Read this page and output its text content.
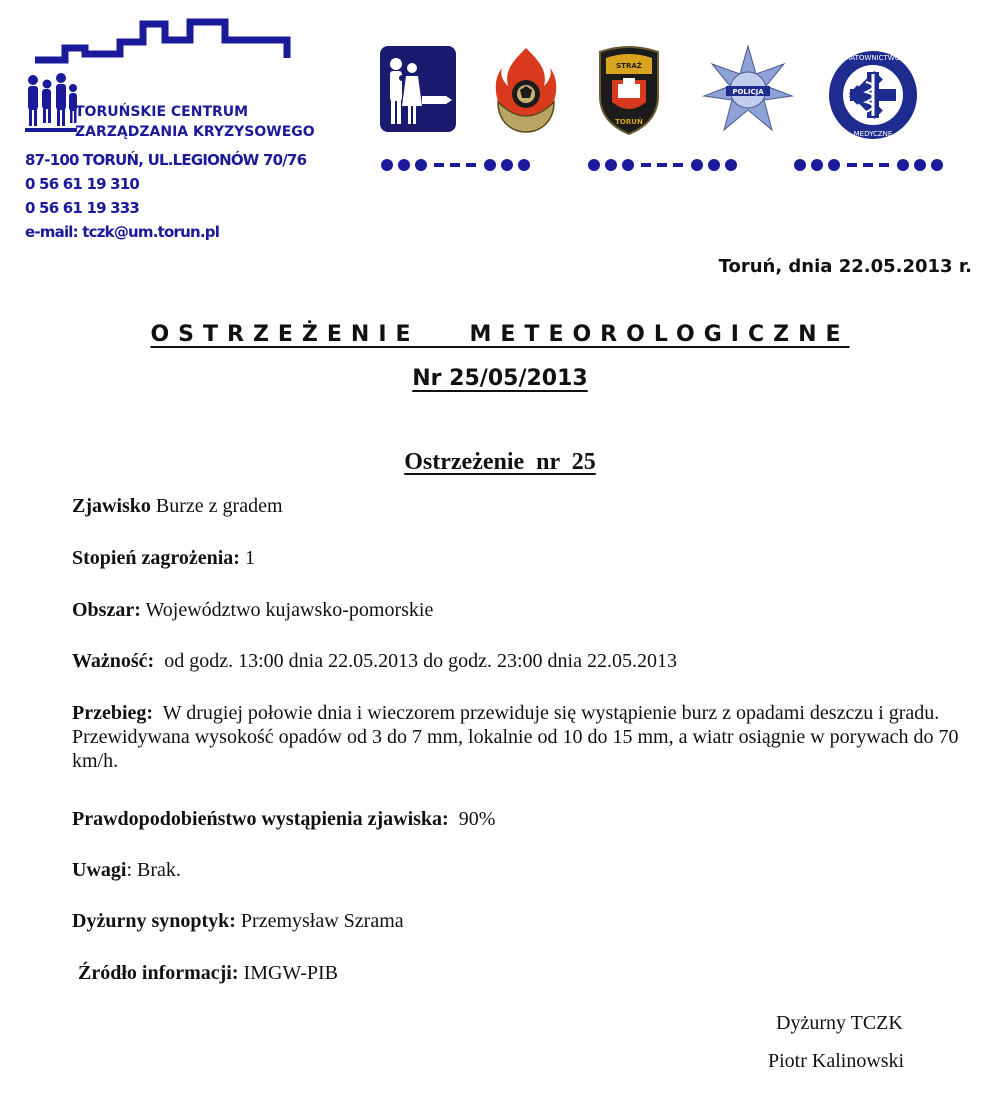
TORUŃSKIE CENTRUM
ZARZĄDZANIA KRYZYSOWEGO
87-100 TORUŃ, UL.LEGIONÓW 70/76
0 56 61 19 310
0 56 61 19 333
e-mail: tczk@um.torun.pl
STRAŻ
TORUŃ
POLICJA
RATOWNICTWO
MEDYCZNE
Toruń, dnia 22.05.2013 r.
OSTRZEŻENIE   METEOROLOGICZNE
Nr 25/05/2013
Ostrzeżenie  nr  25
Zjawisko Burze z gradem
Stopień zagrożenia: 1
Obszar: Województwo kujawsko-pomorskie
Ważność: od godz. 13:00 dnia 22.05.2013 do godz. 23:00 dnia 22.05.2013
Przebieg: W drugiej połowie dnia i wieczorem przewiduje się wystąpienie burz z opadami deszczu i gradu. Przewidywana wysokość opadów od 3 do 7 mm, lokalnie od 10 do 15 mm, a wiatr osiągnie w porywach do 70 km/h.
Prawdopodobieństwo wystąpienia zjawiska: 90%
Uwagi: Brak.
Dyżurny synoptyk: Przemysław Szrama
Źródło informacji: IMGW-PIB
Dyżurny TCZK
Piotr Kalinowski
